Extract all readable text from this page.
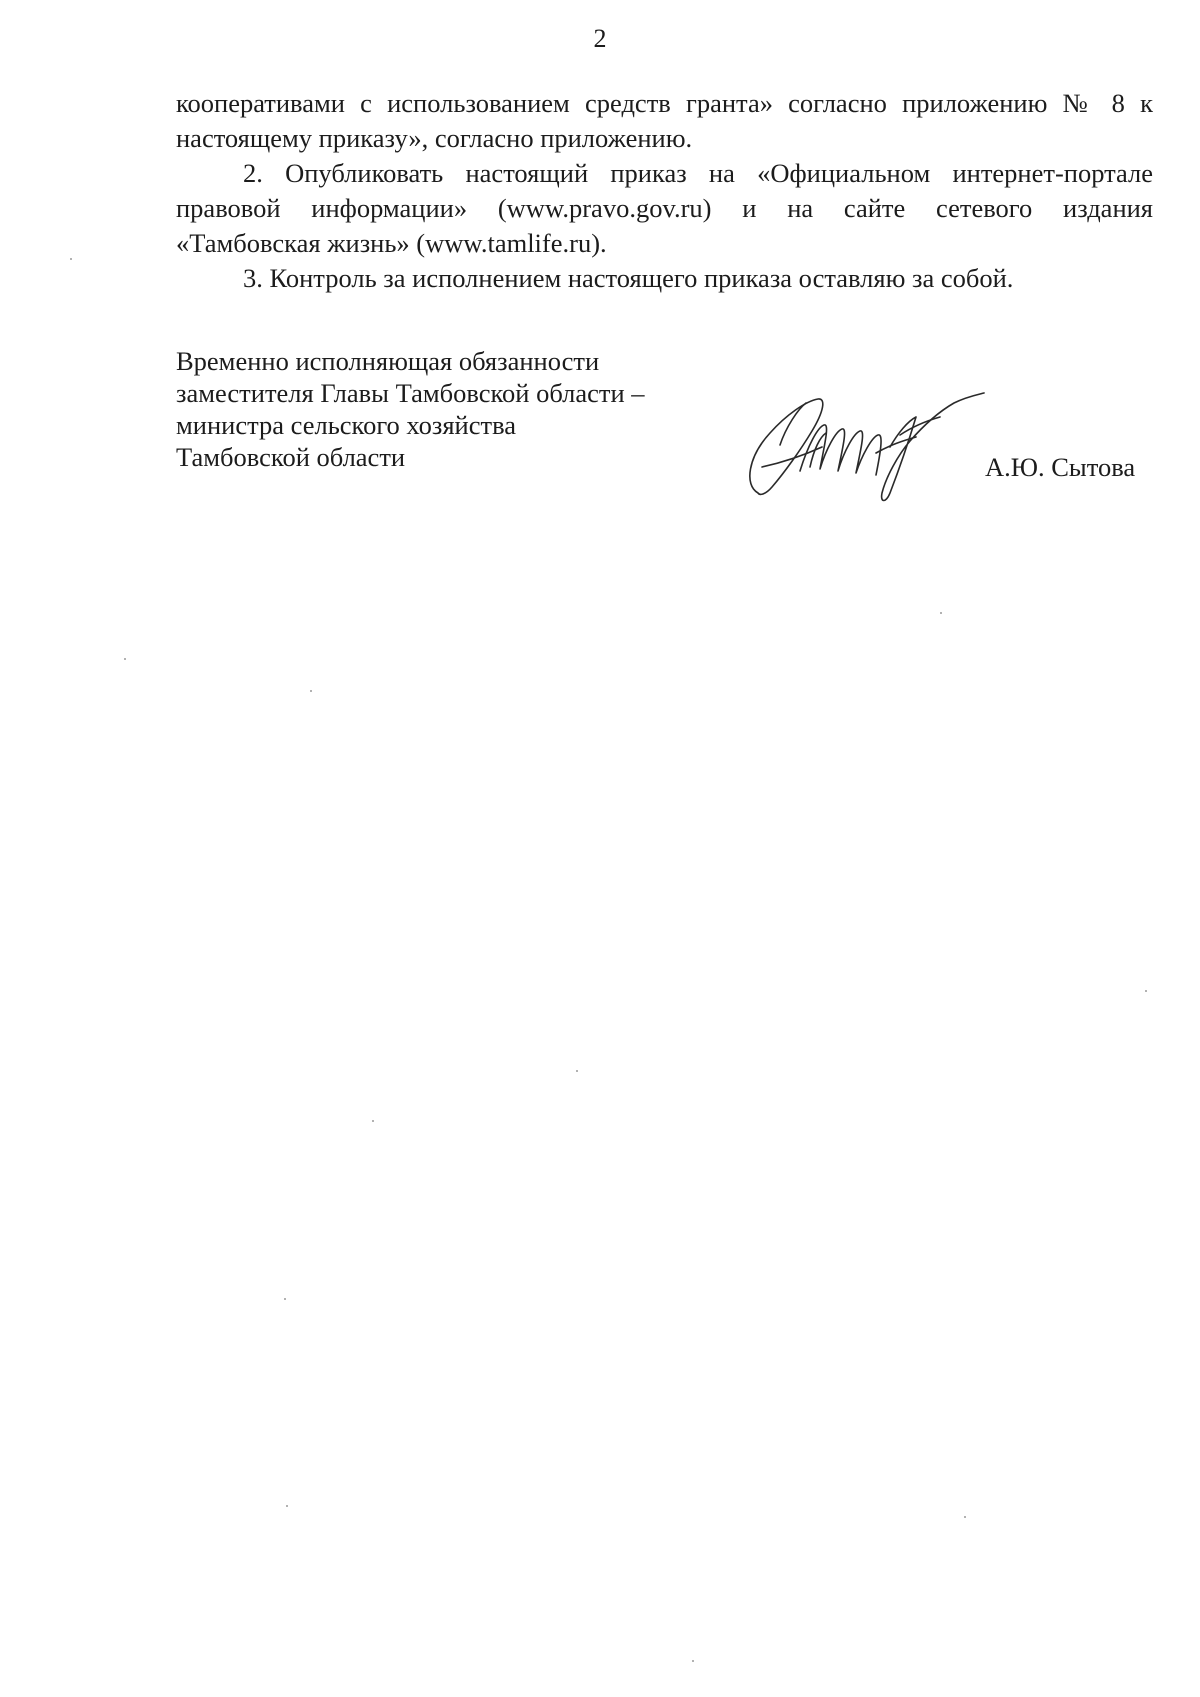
2

кооперативами с использованием средств гранта» согласно приложению № 8 к
настоящему приказу», согласно приложению.

2. Опубликовать настоящий приказ на «Официальном интернет-портале

правовой информации» (www.pravo.gov.ru) и на сайте сетевого издания
«Тамбовская жизнь» (www.tamlife.ru).

3. Контроль за исполнением настоящего приказа оставляю за собой.

Временно исполняющая обязанности
заместителя Главы Тамбовской области –
министра сельского хозяйства
Тамбовской области	А.Ю. Сытова
